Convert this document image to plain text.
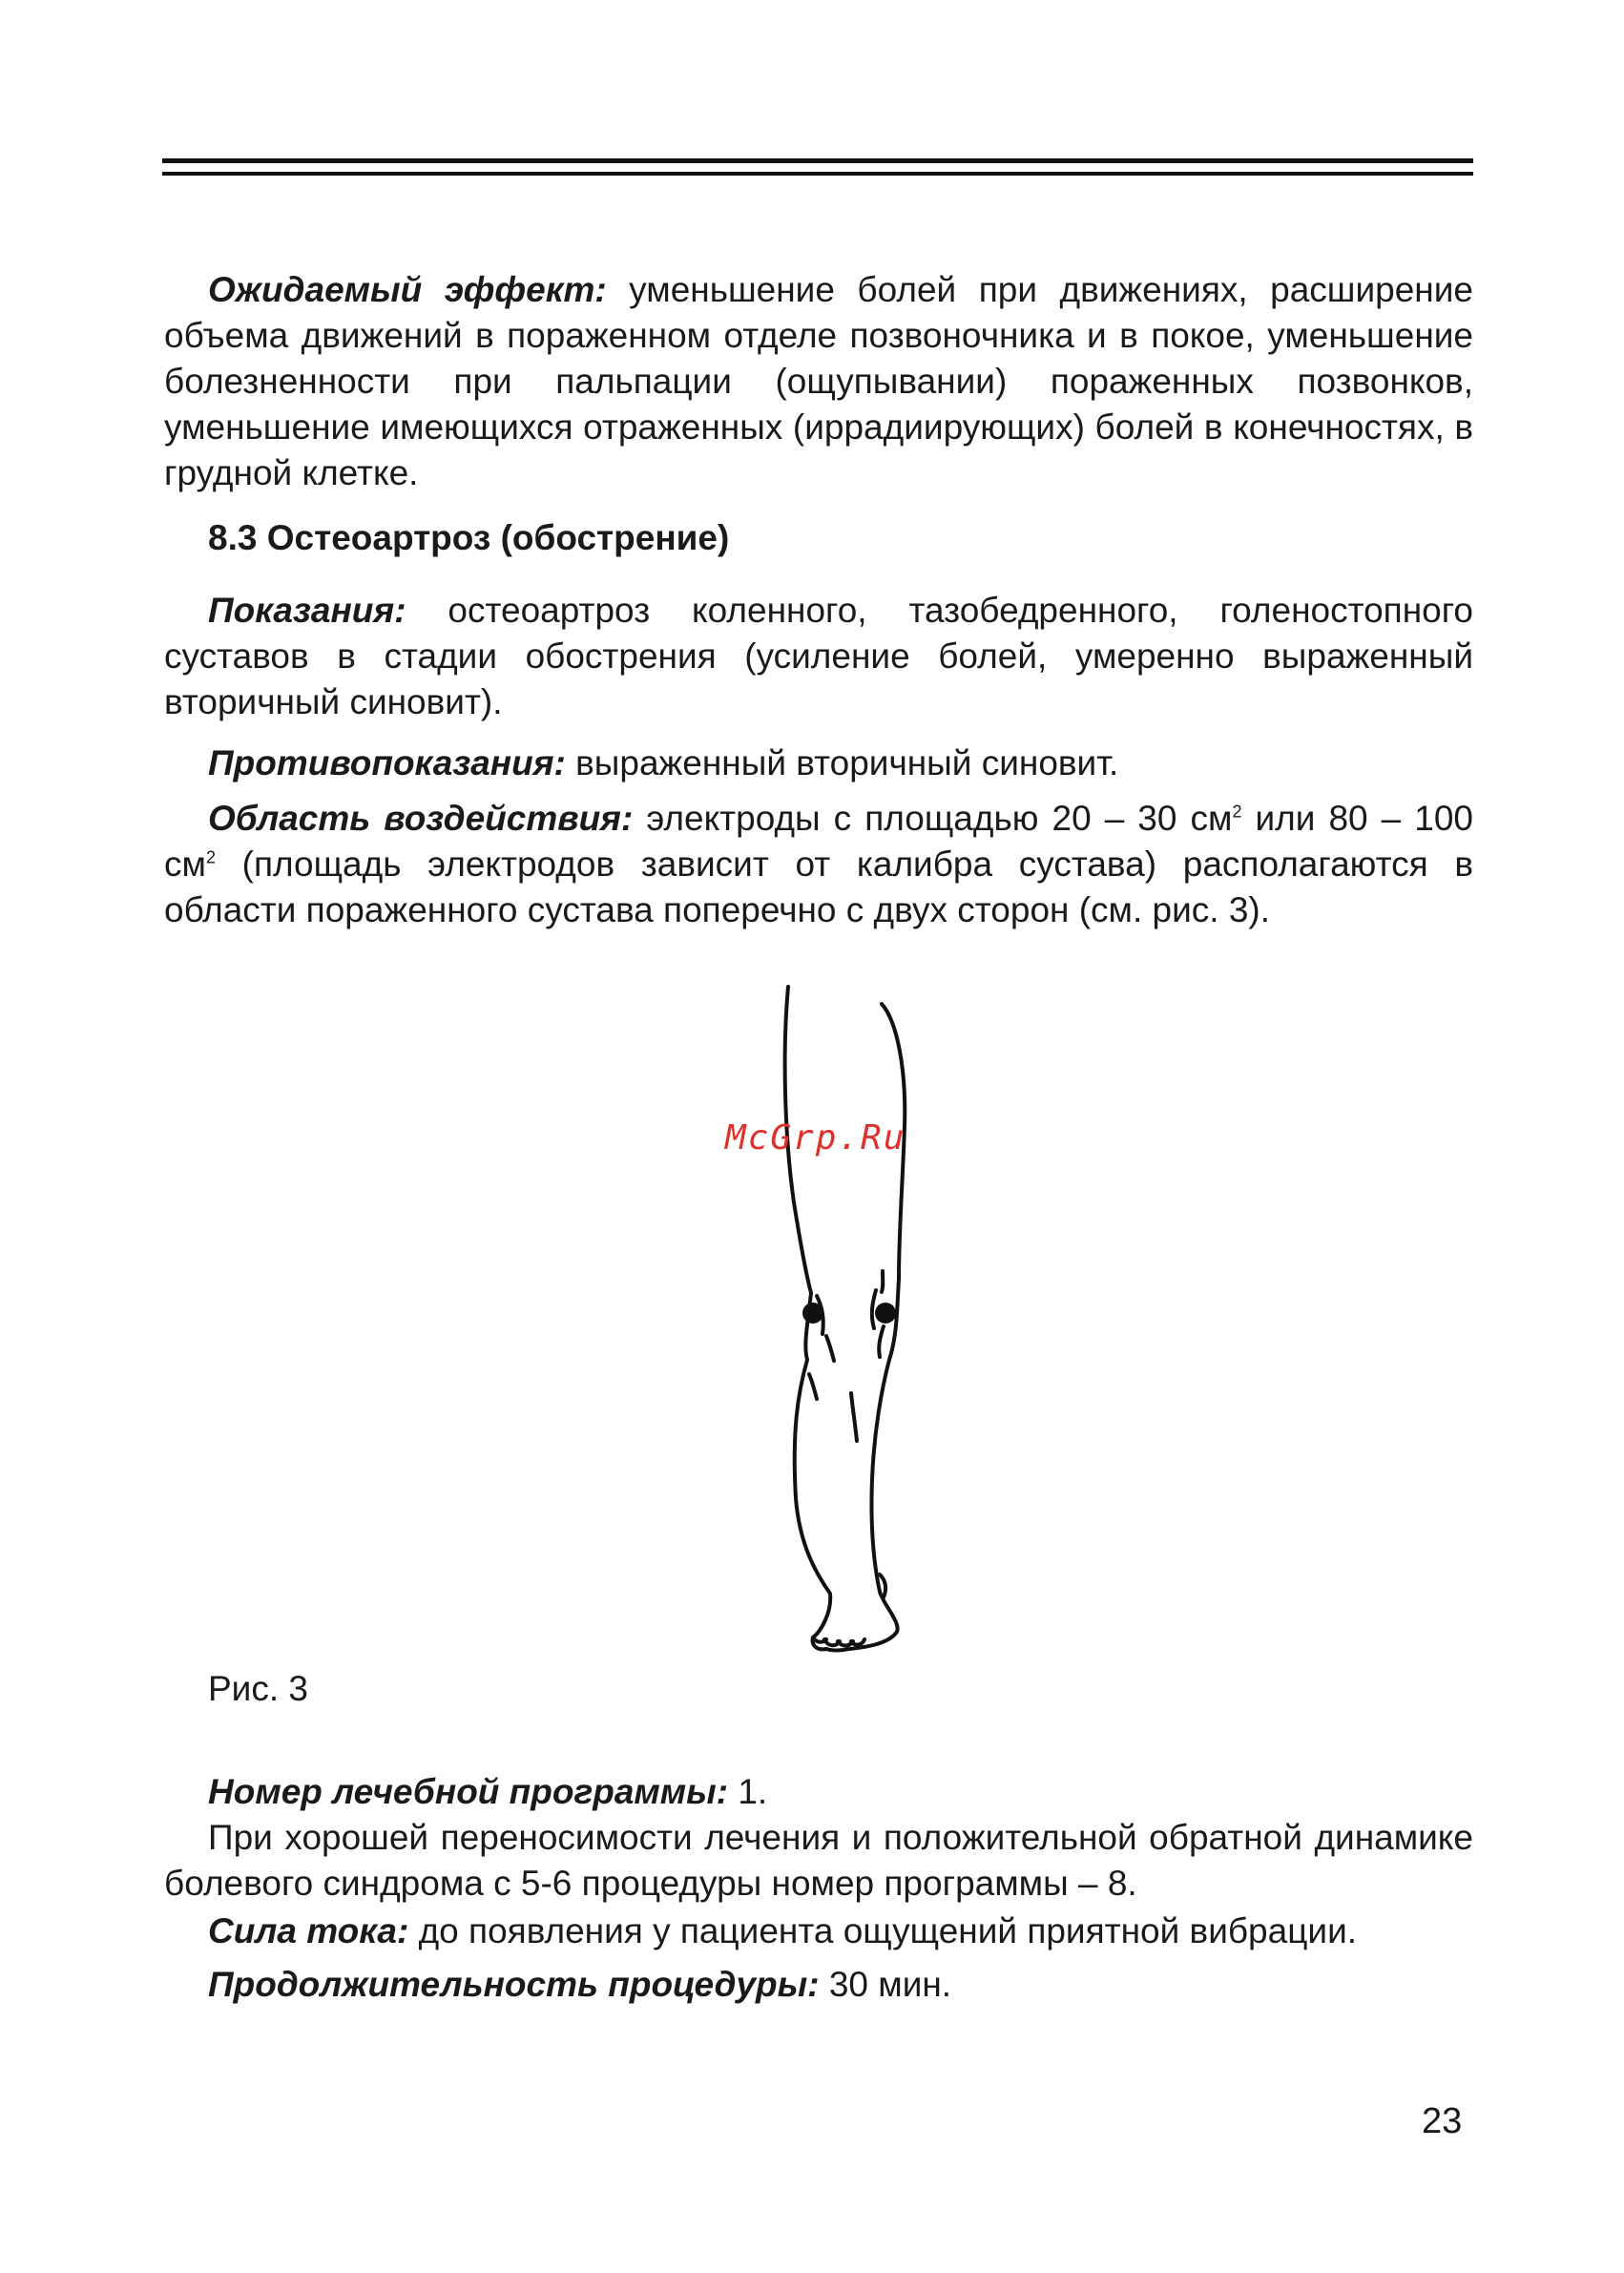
Ожидаемый эффект: уменьшение болей при движениях, расширение объема движений в пораженном отделе позвоночника и в покое, уменьшение болезненности при пальпации (ощупывании) пораженных позвонков, уменьшение имеющихся отраженных (иррадиирующих) болей в конечностях, в грудной клетке.

8.3 Остеоартроз (обострение)

Показания: остеоартроз коленного, тазобедренного, голеностопного суставов в стадии обострения (усиление болей, умеренно выраженный вторичный синовит).

Противопоказания: выраженный вторичный синовит.

Область воздействия: электроды с площадью 20 – 30 $см^2$ или 80 – 100 $см^2$ (площадь электродов зависит от калибра сустава) располагаются в области пораженного сустава поперечно с двух сторон (см. рис. 3).

McGrp.Ru

Рис. 3

Номер лечебной программы: 1.

При хорошей переносимости лечения и положительной обратной динамике болевого синдрома с 5-6 процедуры номер программы – 8.

Сила тока: до появления у пациента ощущений приятной вибрации.

Продолжительность процедуры: 30 мин.

23
